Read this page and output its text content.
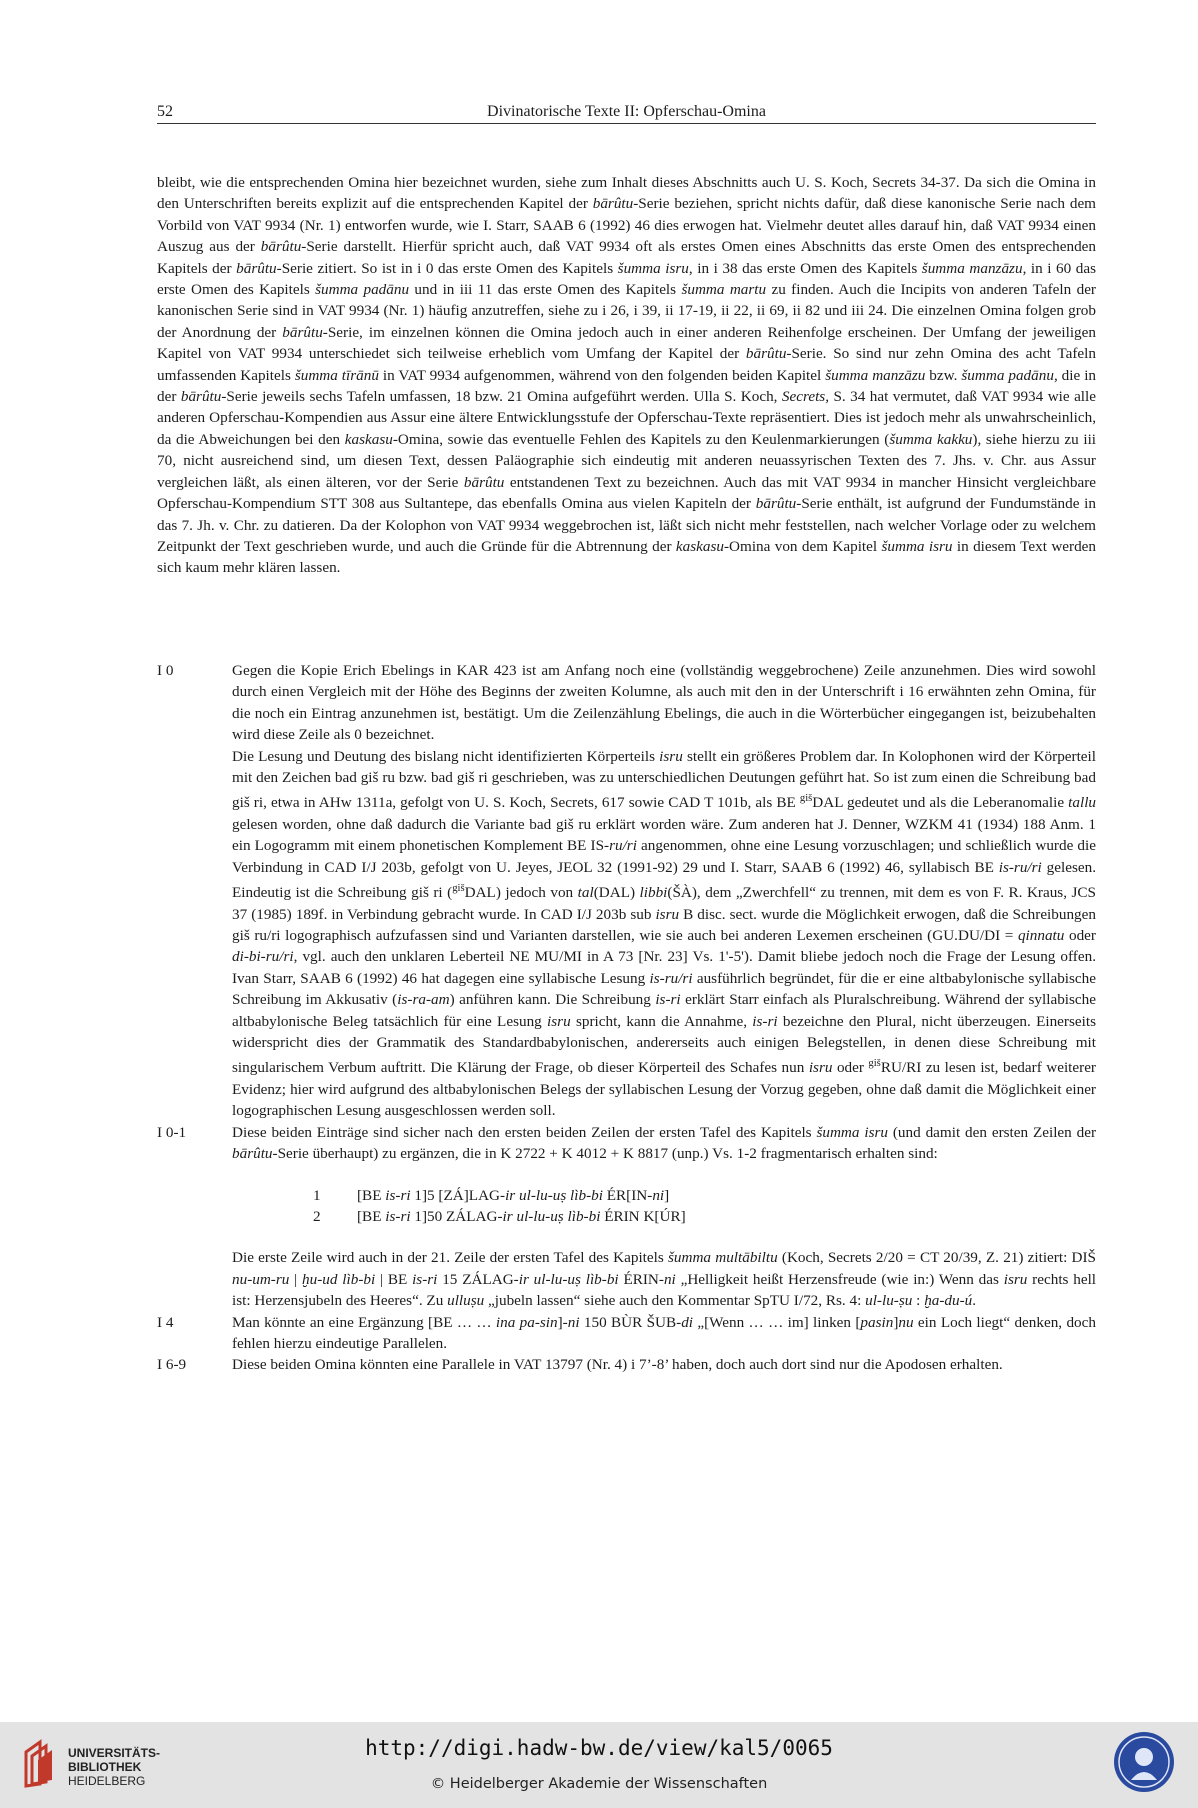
52	Divinatorische Texte II: Opferschau-Omina

bleibt, wie die entsprechenden Omina hier bezeichnet wurden, siehe zum Inhalt dieses Abschnitts auch U. S. Koch, Secrets 34-37. Da sich die Omina in den Unterschriften bereits explizit auf die entsprechenden Kapitel der bārûtu-Serie beziehen, spricht nichts dafür, daß diese kanonische Serie nach dem Vorbild von VAT 9934 (Nr. 1) entworfen wurde, wie I. Starr, SAAB 6 (1992) 46 dies erwogen hat. Vielmehr deutet alles darauf hin, daß VAT 9934 einen Auszug aus der bārûtu-Serie darstellt. Hierfür spricht auch, daß VAT 9934 oft als erstes Omen eines Abschnitts das erste Omen des entsprechenden Kapitels der bārûtu-Serie zitiert. So ist in i 0 das erste Omen des Kapitels šumma isru, in i 38 das erste Omen des Kapitels šumma manzāzu, in i 60 das erste Omen des Kapitels šumma padānu und in iii 11 das erste Omen des Kapitels šumma martu zu finden. Auch die Incipits von anderen Tafeln der kanonischen Serie sind in VAT 9934 (Nr. 1) häufig anzutreffen, siehe zu i 26, i 39, ii 17-19, ii 22, ii 69, ii 82 und iii 24. Die einzelnen Omina folgen grob der Anordnung der bārûtu-Serie, im einzelnen können die Omina jedoch auch in einer anderen Reihenfolge erscheinen. Der Umfang der jeweiligen Kapitel von VAT 9934 unterschiedet sich teilweise erheblich vom Umfang der Kapitel der bārûtu-Serie. So sind nur zehn Omina des acht Tafeln umfassenden Kapitels šumma tīrānū in VAT 9934 aufgenommen, während von den folgenden beiden Kapitel šumma manzāzu bzw. šumma padānu, die in der bārûtu-Serie jeweils sechs Tafeln umfassen, 18 bzw. 21 Omina aufgeführt werden. Ulla S. Koch, Secrets, S. 34 hat vermutet, daß VAT 9934 wie alle anderen Opferschau-Kompendien aus Assur eine ältere Entwicklungsstufe der Opferschau-Texte repräsentiert. Dies ist jedoch mehr als unwahrscheinlich, da die Abweichungen bei den kaskasu-Omina, sowie das eventuelle Fehlen des Kapitels zu den Keulenmarkierungen (šumma kakku), siehe hierzu zu iii 70, nicht ausreichend sind, um diesen Text, dessen Paläographie sich eindeutig mit anderen neuassyrischen Texten des 7. Jhs. v. Chr. aus Assur vergleichen läßt, als einen älteren, vor der Serie bārûtu entstandenen Text zu bezeichnen. Auch das mit VAT 9934 in mancher Hinsicht vergleichbare Opferschau-Kompendium STT 308 aus Sultantepe, das ebenfalls Omina aus vielen Kapiteln der bārûtu-Serie enthält, ist aufgrund der Fundumstände in das 7. Jh. v. Chr. zu datieren. Da der Kolophon von VAT 9934 weggebrochen ist, läßt sich nicht mehr feststellen, nach welcher Vorlage oder zu welchem Zeitpunkt der Text geschrieben wurde, und auch die Gründe für die Abtrennung der kaskasu-Omina von dem Kapitel šumma isru in diesem Text werden sich kaum mehr klären lassen.

I 0	Gegen die Kopie Erich Ebelings in KAR 423 ist am Anfang noch eine (vollständig weggebrochene) Zeile anzunehmen. Dies wird sowohl durch einen Vergleich mit der Höhe des Beginns der zweiten Kolumne, als auch mit den in der Unterschrift i 16 erwähnten zehn Omina, für die noch ein Eintrag anzunehmen ist, bestätigt. Um die Zeilenzählung Ebelings, die auch in die Wörterbücher eingegangen ist, beizubehalten wird diese Zeile als 0 bezeichnet.

Die Lesung und Deutung des bislang nicht identifizierten Körperteils isru stellt ein größeres Problem dar. In Kolophonen wird der Körperteil mit den Zeichen bad giš ru bzw. bad giš ri geschrieben, was zu unterschiedlichen Deutungen geführt hat. So ist zum einen die Schreibung bad giš ri, etwa in AHw 1311a, gefolgt von U. S. Koch, Secrets, 617 sowie CAD T 101b, als BE $^{giš}$DAL gedeutet und als die Leberanomalie tallu gelesen worden, ohne daß dadurch die Variante bad giš ru erklärt worden wäre. Zum anderen hat J. Denner, WZKM 41 (1934) 188 Anm. 1 ein Logogramm mit einem phonetischen Komplement BE IS-ru/ri angenommen, ohne eine Lesung vorzuschlagen; und schließlich wurde die Verbindung in CAD I/J 203b, gefolgt von U. Jeyes, JEOL 32 (1991-92) 29 und I. Starr, SAAB 6 (1992) 46, syllabisch BE is-ru/ri gelesen. Eindeutig ist die Schreibung giš ri ($^{giš}$DAL) jedoch von tal(DAL) libbi(ŠÀ), dem „Zwerchfell“ zu trennen, mit dem es von F. R. Kraus, JCS 37 (1985) 189f. in Verbindung gebracht wurde. In CAD I/J 203b sub isru B disc. sect. wurde die Möglichkeit erwogen, daß die Schreibungen giš ru/ri logographisch aufzufassen sind und Varianten darstellen, wie sie auch bei anderen Lexemen erscheinen (GU.DU/DI = qinnatu oder di-bi-ru/ri, vgl. auch den unklaren Leberteil NE MU/MI in A 73 [Nr. 23] Vs. 1'-5'). Damit bliebe jedoch noch die Frage der Lesung offen. Ivan Starr, SAAB 6 (1992) 46 hat dagegen eine syllabische Lesung is-ru/ri ausführlich begründet, für die er eine altbabylonische syllabische Schreibung im Akkusativ (is-ra-am) anführen kann. Die Schreibung is-ri erklärt Starr einfach als Pluralschreibung. Während der syllabische altbabylonische Beleg tatsächlich für eine Lesung isru spricht, kann die Annahme, is-ri bezeichne den Plural, nicht überzeugen. Einerseits widerspricht dies der Grammatik des Standardbabylonischen, andererseits auch einigen Belegstellen, in denen diese Schreibung mit singularischem Verbum auftritt. Die Klärung der Frage, ob dieser Körperteil des Schafes nun isru oder $^{giš}$RU/RI zu lesen ist, bedarf weiterer Evidenz; hier wird aufgrund des altbabylonischen Belegs der syllabischen Lesung der Vorzug gegeben, ohne daß damit die Möglichkeit einer logographischen Lesung ausgeschlossen werden soll.

I 0-1	Diese beiden Einträge sind sicher nach den ersten beiden Zeilen der ersten Tafel des Kapitels šumma isru (und damit den ersten Zeilen der bārûtu-Serie überhaupt) zu ergänzen, die in K 2722 + K 4012 + K 8817 (unp.) Vs. 1-2 fragmentarisch erhalten sind:

1 [BE is-ri 1]5 [ZÁ]LAG-ir ul-lu-uṣ lìb-bi ÉR[IN-ni]
2 [BE is-ri 1]50 ZÁLAG-ir ul-lu-uṣ lìb-bi ÉRIN K[ÚR]

Die erste Zeile wird auch in der 21. Zeile der ersten Tafel des Kapitels šumma multābiltu (Koch, Secrets 2/20 = CT 20/39, Z. 21) zitiert: DIŠ nu-um-ru | ḫu-ud lìb-bi | BE is-ri 15 ZÁLAG-ir ul-lu-uṣ lìb-bi ÉRIN-ni „Helligkeit heißt Herzensfreude (wie in:) Wenn das isru rechts hell ist: Herzensjubeln des Heeres“. Zu ulluṣu „jubeln lassen“ siehe auch den Kommentar SpTU I/72, Rs. 4: ul-lu-ṣu : ḫa-du-ú.

I 4	Man könnte an eine Ergänzung [BE … … ina pa-sin]-ni 150 BÙR ŠUB-di „[Wenn … … im] linken [pasin]nu ein Loch liegt“ denken, doch fehlen hierzu eindeutige Parallelen.

I 6-9	Diese beiden Omina könnten eine Parallele in VAT 13797 (Nr. 4) i 7’-8’ haben, doch auch dort sind nur die Apodosen erhalten.

UNIVERSITÄTS-
BIBLIOTHEK
HEIDELBERG
http://digi.hadw-bw.de/view/kal5/0065
© Heidelberger Akademie der Wissenschaften
